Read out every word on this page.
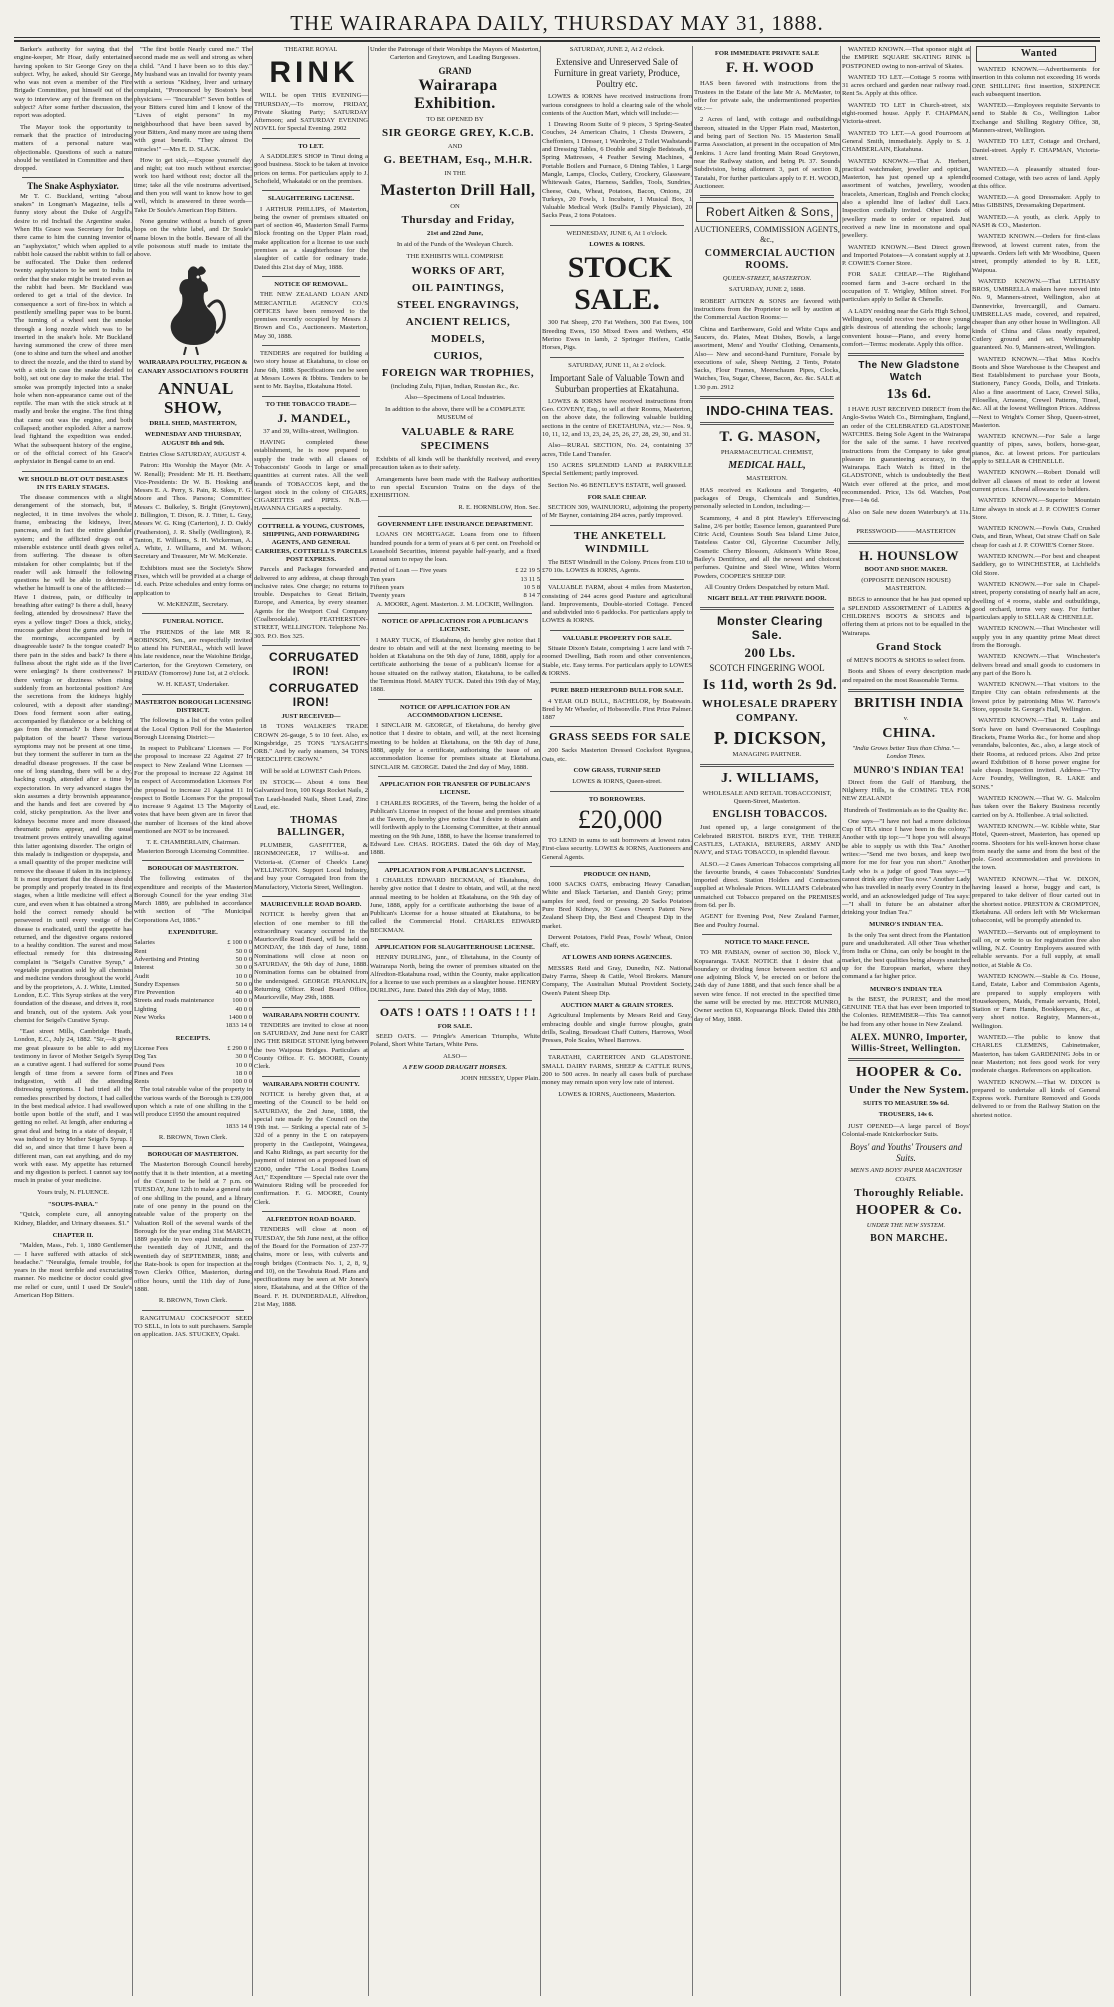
THE WAIRARAPA DAILY, THURSDAY MAY 31, 1888.

Barker's authority for saying that the engine-keeper, Mr Hoar, daily entertained having spoken to Sir George Grey on the subject. Why, he asked, should Sir George, who was not even a member of the Fire Brigade Committee, put himself out of the way to interview any of the firemen on the subject? After some further discussion, the report was adopted.

The Mayor took the opportunity to remark that the practice of introducing matters of a personal nature was objectionable. Questions of such a nature should be ventilated in Committee and then dropped.

The Snake Asphyxiator.

Mr T. C. Buckland, writing "about snakes" in Longman's Magazine, tells a funny story about the Duke of Argyll's desire to rid Inchtail the Argentine snake. When His Grace was Secretary for India, there came to him the cunning inventor of an "asphyxiator," which when applied to a rabbit hole caused the rabbit within to fall or be suffocated. The Duke then ordered twenty asphyxiators to be sent to India in order that the snake might be treated even as the rabbit had been. Mr Buckland was ordered to get a trial of the device. In consequence a sort of fire-box in which a pestilently smelling paper was to be burnt. The turning of a wheel sent the smoke through a long nozzle which was to be inserted in the snake's hole. Mr Buckland having summoned the crew of three men (one to shine and turn the wheel and another to direct the nozzle, and the third to stand by with a stick in case the snake decided to bolt), set out one day to make the trial. The smoke was promptly injected into a snake hole when non-appearance came out of the reptile. The man with the stick struck at it madly and broke the engine. The first thing that came out was the engine, and both collapsed; another exploded. After a narrow lead fightand the expedition was ended. What the subsequent history of the engine, or of the official correct of his Grace's asphyxiator in Bengal came to an end.

WE SHOULD BLOT OUT DISEASES IN ITS EARLY STAGES.

The disease commences with a slight derangement of the stomach, but, if neglected, it in time involves the whole frame, embracing the kidneys, liver, pancreas, and in fact the entire glandular system; and the afflicted drags out a miserable existence until death gives relief from suffering. The disease is often mistaken for other complaints; but if the reader will ask himself the following questions he will be able to determine whether he himself is one of the afflicted:—Have I distress, pain, or difficulty in breathing after eating? Is there a dull, heavy feeling, attended by drowsiness? Have the eyes a yellow tinge? Does a thick, sticky, mucous gather about the gums and teeth in the mornings, accompanied by a disagreeable taste? Is the tongue coated? Is there pain in the sides and back? Is there a fullness about the right side as if the liver were enlarging? Is there costiveness? Is there vertigo or dizziness when rising suddenly from an horizontal position? Are the secretions from the kidneys highly coloured, with a deposit after standing? Does food ferment soon after eating, accompanied by flatulence or a belching of gas from the stomach? Is there frequent palpitation of the heart? These various symptoms may not be present at one time, but they torment the sufferer in turn as the dreadful disease progresses. If the case be one of long standing, there will be a dry, hacking cough, attended after a time by expectoration. In very advanced stages the skin assumes a dirty brownish appearance, and the hands and feet are covered by a cold, sticky perspiration. As the liver and kidneys become more and more diseased, rheumatic pains appear, and the usual treatment proves entirely unavailing against this latter agonising disorder. The origin of this malady is indigestion or dyspepsia, and a small quantity of the proper medicine will remove the disease if taken in its incipiency. It is most important that the disease should be promptly and properly treated in its first stages, when a little medicine will effect a cure, and even when it has obtained a strong hold the correct remedy should be persevered in until every vestige of the disease is eradicated, until the appetite has returned, and the digestive organs restored to a healthy condition. The surest and most effectual remedy for this distressing complaint is "Seigel's Curative Syrup," a vegetable preparation sold by all chemists and medicine vendors throughout the world, and by the proprietors, A. J. White, Limited, London, E.C. This Syrup strikes at the very foundation of the disease, and drives it, root and branch, out of the system. Ask your chemist for Seigel's Curative Syrup.

"East street Mills, Cambridge Heath, London, E.C., July 24, 1882. "Sir,—It gives me great pleasure to be able to add my testimony in favor of Mother Seigel's Syrup as a curative agent. I had suffered for some length of time from a severe form of indigestion, with all the attending distressing symptoms. I had tried all the remedies prescribed by doctors, I had called in the best medical advice. I had swallowed bottle upon bottle of the stuff, and I was getting no relief. At length, after enduring a great deal and being in a state of despair, I was induced to try Mother Seigel's Syrup. I did so, and since that time I have been a different man, can eat anything, and do my work with ease. My appetite has returned and my digestion is perfect. I cannot say too much in praise of your medicine.

Yours truly, N. FLUENCE.

"SOUPS-PARA."

"Quick, complete cure, all annoying Kidney, Bladder, and Urinary diseases. $1."

CHAPTER II.

"Malden, Mass., Feb. 1, 1880 Gentlemen — I have suffered with attacks of sick headache." "Neuralgia, female trouble, for years in the most terrible and excruciating manner. No medicine or doctor could give me relief or cure, until I used Dr Soule's American Hop Bitters.

"The first bottle Nearly cured me." The second made me as well and strong as when a child. "And I have been so to this day." My husband was an invalid for twenty years with a serious "Kidney, liver and urinary complaint, "Pronounced by Boston's best physicians — "Incurable!" Seven bottles of your Bitters cured him and I know of the "Lives of eight persons" In my neighbourhood that have been saved by your Bitters, And many more are using them with great benefit. "They almost Do miracles!" —Mrs E. D. SLACK.

How to get sick,—Expose yourself day and night; eat too much without exercise; work too hard without rest; doctor all the time; take all the vile nostrums advertised, and then you will want to know how to get well, which is answered in three words—Take Dr Soule's American Hop Bitters.

None genuine without a bunch of green hops on the white label, and Dr Soule's name blown in the bottle. Beware of all the vile poisonous stuff made to imitate the above.

WAIRARAPA POULTRY, PIGEON & CANARY ASSOCIATION'S FOURTH

ANNUAL SHOW,

DRILL SHED, MASTERTON,

WEDNESDAY AND THURSDAY, AUGUST 8th and 9th.

Entries Close SATURDAY, AUGUST 4.

Patron: His Worship the Mayor (Mr. A. W. Renall); President: Mr H. H. Beetham; Vice-Presidents: Dr W. B. Hosking and Messrs E. A. Perry, S. Pain, R. Sikes, F. G. Moore and Thos. Parsons; Committee: Messrs C. Bulkeley, S. Bright (Greytown), J. Billington, T. Dixon, R. J. Titter, L. Gray, Messrs W. G. King (Carterton), J. D. Oakly (Featherston), J. R. Shelly (Wellington), R. Tanton, E. Williams, S. H. Wickerman, A. A. White, J. Williams, and M. Wilson; Secretary and Treasurer, Mr W. McKenzie.

Exhibitors must see the Society's Show Fixes, which will be provided at a charge of 1d. each. Prize schedules and entry forms on application to

W. McKENZIE, Secretary.

FUNERAL NOTICE.

The FRIENDS of the late MR R. ROBINSON, Sen., are respectfully invited to attend his FUNERAL, which will leave his late residence, near the Waiohine Bridge, Carterton, for the Greytown Cemetery, on FRIDAY (Tomorrow) June 1st, at 2 o'clock.

W. H. KEAST, Undertaker.

MASTERTON BOROUGH LICENSING DISTRICT.

The following is a list of the votes polled at the Local Option Poll for the Masterton Borough Licensing District:—

In respect to Publicans' Licenses — For the proposal to increase 22 Against 27 In respect to New Zealand Wine Licenses — For the proposal to increase 22 Against 18 In respect of Accommodation Licenses For the proposal to increase 21 Against 11 In respect to Bottle Licenses For the proposal to increase 9 Against 13 The Majority of votes that have been given are in favor that the number of licenses of the kind above mentioned are NOT to be increased.

T. E. CHAMBERLAIN, Chairman. Masterton Borough Licensing Committee.

BOROUGH OF MASTERTON.

The following estimates of the expenditure and receipts of the Masterton Borough Council for the year ending 31st March 1889, are published in accordance with section of "The Municipal Corporations Act, 1886."

EXPENDITURE.

Salaries	£ 100 0 0
Rent	50 0 0
Advertising and Printing	50 0 0
Interest	30 0 0
Audit	10 0 0
Sundry Expenses	50 0 0
Fire Prevention	40 0 0
Streets and roads maintenance	100 0 0
Lighting	40 0 0
New Works	1400 0 0

1833 14 0

RECEIPTS.

License Fees	£ 290 0 0
Dog Tax	30 0 0
Pound Fees	10 0 0
Fines and Fees	18 0 0
Rents	100 0 0

The total rateable value of the property in the various wards of the Borough is £39,000 upon which a rate of one shilling in the £ will produce £1950 the amount required

1833 14 0

R. BROWN, Town Clerk.

BOROUGH OF MASTERTON.

The Masterton Borough Council hereby notify that it is their intention, at a meeting of the Council to be held at 7 p.m. on TUESDAY, June 12th to make a general rate of one shilling in the pound, and a library rate of one penny in the pound on the rateable value of the property on the Valuation Roll of the several wards of the Borough for the year ending 31st MARCH, 1889 payable in two equal instalments on the twentieth day of JUNE, and the twentieth day of SEPTEMBER, 1888; and the Rate-book is open for inspection at the Town Clerk's Office, Masterton, during office hours, until the 11th day of June, 1888.

R. BROWN, Town Clerk.

RANGITUMAU COCKSFOOT SEED TO SELL, in lots to suit purchasers. Sample on application. JAS. STUCKEY, Opaki.

THEATRE ROYAL

RINK

WILL be open THIS EVENING—THURSDAY,—To morrow, FRIDAY, Private Skating Party; SATURDAY Afternoon; and SATURDAY EVENING NOVEL for Special Evening. 2902

TO LET.

A SADDLER'S SHOP in Tinui doing a good business. Stock to be taken at invoice prices on terms. For particulars apply to J. Schofield, Whakataki or on the premises.

SLAUGHTERING LICENSE.

I ARTHUR PHILLIPS, of Masterton, being the owner of premises situated on part of section 46, Masterton Small Farms Block fronting on the Upper Plain road, make application for a license to use such premises as a slaughterhouse for the slaughter of cattle for ordinary trade. Dated this 21st day of May, 1888.

NOTICE OF REMOVAL.

THE NEW ZEALAND LOAN AND MERCANTILE AGENCY CO.'S OFFICES have been removed to the premises recently occupied by Messrs J. Brown and Co., Auctioneers. Masterton, May 30, 1888.

TENDERS are required for building a two story house at Ekatahuna, to close on June 6th, 1888. Specifications can be seen at Messrs Lowes & Ibbins. Tenders to be sent to Mr. Bayliss, Ekatahuna Hotel.

TO THE TOBACCO TRADE—

J. MANDEL,

37 and 39, Willis-street, Wellington.

HAVING completed these establishment, he is now prepared to supply the trade with all classes of Tobacconists' Goods in large or small quantities at current rates. All the well brands of TOBACCOS kept, and the largest stock in the colony of CIGARS, CIGARETTES and PIPES. N.B.—HAVANNA CIGARS a specialty.

COTTRELL & YOUNG, CUSTOMS, SHIPPING, AND FORWARDING AGENTS, AND GENERAL CARRIERS, COTTRELL'S PARCELS POST EXPRESS.

Parcels and Packages forwarded and delivered to any address, at cheap through inclusive rates. One charge; no returns to trouble. Despatches to Great Britain, Europe, and America, by every steamer. Agents for the Westport Coal Company (Coalbrookdale). FEATHERSTON-STREET, WELLINGTON. Telephone No. 303. P.O. Box 325.

CORRUGATED IRON!

CORRUGATED IRON!

JUST RECEIVED—

18 TONS WALKER'S TRADE CROWN 26-gauge, 5 to 10 feet. Also, ex Kingsbridge, 25 TONS "LYSAGHT'S ORB." And by early steamers, 34 TONS "REDCLIFFE CROWN."

Will be sold at LOWEST Cash Prices.

IN STOCK— About 4 tons Best Galvanized Iron, 100 Kegs Rocket Nails, 2 Ton Lead-headed Nails, Sheet Lead, Zinc Lead, etc.

THOMAS BALLINGER,

PLUMBER, GASFITTER, & IRONMONGER, 17 Willis-st. and Victoria-st. (Corner of Cheek's Lane) WELLINGTON. Support Local Industry, and buy your Corrugated Iron from the Manufactory, Victoria Street, Wellington.

MAURICEVILLE ROAD BOARD.

NOTICE is hereby given that an election of one member to fill the extraordinary vacancy occurred in the Mauriceville Road Board, will be held on MONDAY, the 18th day of June, 1888. Nominations will close at noon on SATURDAY, the 9th day of June, 1888. Nomination forms can be obtained from the undersigned. GEORGE FRANKLIN, Returning Officer. Road Board Office, Mauriceville, May 29th, 1888.

WAIRARAPA NORTH COUNTY.

TENDERS are invited to close at noon on SATURDAY, 2nd June next for CART ING THE BRIDGE STONE lying between the two Waipoua Bridges. Particulars at County Office. F. G. MOORE, County Clerk.

WAIRARAPA NORTH COUNTY.

NOTICE is hereby given that, at a meeting of the Council to be held on SATURDAY, the 2nd June, 1888, the special rate made by the Council on the 19th inst. — Striking a special rate of 3-32d of a penny in the £ on ratepayers property in the Castlepoint, Waingawa, and Kahu Ridings, as part security for the payment of interest on a proposed loan of £2000, under "The Local Bodies Loans Act," Expenditure — Special rate over the Wainuioru Riding will be proceeded for confirmation. F. G. MOORE, County Clerk.

ALFREDTON ROAD BOARD.

TENDERS will close at noon of TUESDAY, the 5th June next, at the office of the Board for the Formation of 237-77 chains, more or less, with culverts and rough bridges (Contracts No. 1, 2, 8, 9, and 10), on the Tawahuta Road. Plans and specifications may be seen at Mr Jones's store, Ekatahuna, and at the Office of the Board. F. H. DUNDERDALE, Alfredton, 21st May, 1888.

Under the Patronage of their Worships the Mayors of Masterton, Carterton and Greytown, and Leading Burgesses.

GRAND

Wairarapa Exhibition.

TO BE OPENED BY

SIR GEORGE GREY, K.C.B.

AND

G. BEETHAM, Esq., M.H.R.

IN THE

Masterton Drill Hall,

ON

Thursday and Friday,

21st and 22nd June,

In aid of the Funds of the Wesleyan Church.

THE EXHIBITS WILL COMPRISE

WORKS OF ART,

OIL PAINTINGS,

STEEL ENGRAVINGS,

ANCIENT RELICS,

MODELS,

CURIOS,

FOREIGN WAR TROPHIES,

(including Zulu, Fijian, Indian, Russian &c., &c.

Also—Specimens of Local Industries.

In addition to the above, there will be a COMPLETE MUSEUM of

VALUABLE & RARE SPECIMENS

Exhibits of all kinds will be thankfully received, and every precaution taken as to their safety.

Arrangements have been made with the Railway authorities to run special Excursion Trains on the days of the EXHIBITION.

R. E. HORNBLOW, Hon. Sec.

GOVERNMENT LIFE INSURANCE DEPARTMENT.

LOANS ON MORTGAGE. Loans from one to fifteen hundred pounds for a term of years at 6 per cent. on Freehold or Leasehold Securities, interest payable half-yearly, and a fixed annual sum to repay the loan.

Period of Loan — Five years	£ 22 19 5
Ten years	13 11 5
Fifteen years	10 5 8
Twenty years	8 14 7

A. MOORE, Agent. Masterton. J. M. LOCKIE, Wellington.

NOTICE OF APPLICATION FOR A PUBLICAN'S LICENSE.

I MARY TUCK, of Ekatahuna, do hereby give notice that I desire to obtain and will at the next licensing meeting to be holden at Ekatahuna on the 9th day of June, 1888, apply for a certificate authorising the issue of a publican's license for a house situated on the railway station, Ekatahuna, to be called the Terminus Hotel. MARY TUCK. Dated this 19th day of May, 1888.

NOTICE OF APPLICATION FOR AN ACCOMMODATION LICENSE.

I SINCLAIR M. GEORGE, of Eketahuna, do hereby give notice that I desire to obtain, and will, at the next licensing meeting to be holden at Eketahuna, on the 9th day of June, 1888, apply for a certificate, authorising the issue of an accommodation license for premises situate at Eketahuna. SINCLAIR M. GEORGE. Dated the 2nd day of May, 1888.

APPLICATION FOR TRANSFER OF PUBLICAN'S LICENSE.

I CHARLES ROGERS, of the Tavern, being the holder of a Publican's License in respect of the house and premises situate at the Tavern, do hereby give notice that I desire to obtain and will forthwith apply to the Licensing Committee, at their annual meeting on the 9th June, 1888, to have the license transferred to Edward Lee. CHAS. ROGERS. Dated the 6th day of May, 1888.

APPLICATION FOR A PUBLICAN'S LICENSE.

I CHARLES EDWARD BECKMAN, of Ekatahuna, do hereby give notice that I desire to obtain, and will, at the next annual meeting to be holden at Ekatahuna, on the 9th day of June, 1888, apply for a certificate authorising the issue of a Publican's License for a house situated at Ekatahuna, to be called the Commercial Hotel. CHARLES EDWARD BECKMAN.

APPLICATION FOR SLAUGHTERHOUSE LICENSE.

HENRY DURLING, junr., of Elietahuna, in the County of Wairarapa North, being the owner of premises situated on the Alfredton-Ekatahuna road, within the County, make application for a license to use such premises as a slaughter house. HENRY DURLING, Junr. Dated this 29th day of May, 1888.

OATS ! OATS ! ! OATS ! ! !

FOR SALE.

SEED OATS. — Pringle's American Triumphs, White Poland, Short White Tartars, White Pens.

ALSO—

A FEW GOOD DRAUGHT HORSES.

JOHN HESSEY, Upper Plain.

SATURDAY, JUNE 2, At 2 o'clock.

Extensive and Unreserved Sale of Furniture in great variety, Produce, Poultry etc.

LOWES & IORNS have received instructions from various consignees to hold a clearing sale of the whole contents of the Auction Mart, which will include:—

1 Drawing Room Suite of 9 pieces, 3 Spring-Seated Couches, 24 American Chairs, 1 Chests Drawers, 2 Cheffoniers, 1 Dresser, 1 Wardrobe, 2 Toilet Washstands and Dressing Tables, 6 Double and Single Bedsteads, 6 Spring Mattresses, 4 Feather Sewing Machines, 4 Portable Boilers and Furnace, 6 Dining Tables, 1 Large Mangle, Lamps, Clocks, Cutlery, Crockery, Glassware, Whitewash Gates, Harness, Saddles, Tools, Sundries, Cheese, Oats, Wheat, Potatoes, Bacon, Onions, 20 Turkeys, 20 Fowls, 1 Incubator, 1 Musical Box, 1 Valuable Medical Work (Bull's Family Physician), 20 Sacks Peas, 2 tons Potatoes.

WEDNESDAY, JUNE 6, At 1 o'clock.

LOWES & IORNS.

STOCK SALE.

300 Fat Sheep, 270 Fat Wethers, 300 Fat Ewes, 100 Breeding Ewes, 150 Mixed Ewes and Wethers, 450 Merino Ewes in lamb, 2 Springer Heifers, Cattle, Horses, Pigs.

SATURDAY, JUNE 11, At 2 o'clock.

Important Sale of Valuable Town and Suburban properties at Ekatahuna.

LOWES & IORNS have received instructions from Geo. COVENY, Esq., to sell at their Rooms, Masterton, on the above date, the following valuable building sections in the centre of EKETAHUNA, viz.:— Nos. 9, 10, 11, 12, and 13, 23, 24, 25, 26, 27, 28, 29, 30, and 31.

Also—RURAL SECTION, No. 24, containing 37 acres, Title Land Transfer.

150 ACRES SPLENDID LAND at PARKVILLE Special Settlement; partly improved.

Section No. 46 BENTLEY'S ESTATE, well grassed.

FOR SALE CHEAP.

SECTION 309, WAINUIORU, adjoining the property of Mr Bayner, containing 284 acres, partly improved.

THE ANKETELL WINDMILL

The BEST Windmill in the Colony. Prices from £10 to £70 10s. LOWES & IORNS, Agents.

VALUABLE FARM, about 4 miles from Masterton, consisting of 244 acres good Pasture and agricultural land. Improvements, Double-storied Cottage. Fenced and subdivided into 6 paddocks. For particulars apply to LOWES & IORNS.

VALUABLE PROPERTY FOR SALE.

Situate Dixon's Estate, comprising 1 acre land with 7-roomed Dwelling, Bath room and other conveniences, Stable, etc. Easy terms. For particulars apply to LOWES & IORNS.

PURE BRED HEREFORD BULL FOR SALE.

4 YEAR OLD BULL, BACHELOR, by Boatswain. Bred by Mr Wheeler, of Hobsonville. First Prize Palmer. 1887

GRASS SEEDS FOR SALE

200 Sacks Masterton Dressed Cocksfoot Ryegrass, Oats, etc.

COW GRASS, TURNIP SEED

LOWES & IORNS, Queen-street.

TO BORROWERS.

£20,000

TO LEND in sums to suit borrowers at lowest rates. First-class security. LOWES & IORNS, Auctioneers and General Agents.

PRODUCE ON HAND,

1000 SACKS OATS, embracing Heavy Canadian, White and Black Tartarian, and Danish Grey; prime samples for seed, feed or pressing. 20 Sacks Potatoes Pure Bred Kidneys, 30 Cases Owen's Patent New Zealand Sheep Dip, the Best and Cheapest Dip in the market.

Derwent Potatoes, Field Peas, Fowls' Wheat, Onion Chaff, etc.

AT LOWES AND IORNS AGENCIES.

MESSRS Reid and Gray, Dunedin, NZ. National Dairy Farms, Sheep & Cattle, Wool Brokers. Manure Company, The Australian Mutual Provident Society, Owen's Patent Sheep Dip.

AUCTION MART & GRAIN STORES.

Agricultural Implements by Messrs Reid and Gray, embracing double and single furrow ploughs, grain drills, Scaling, Broadcast Chaff Cutters, Harrows, Wool Presses, Pole Scales, Wheel Barrows.

TARATAHI, CARTERTON AND GLADSTONE. SMALL DAIRY FARMS, SHEEP & CATTLE RUNS, 200 to 500 acres. In nearly all cases bulk of purchase money may remain upon very low rate of interest.

LOWES & IORNS, Auctioneers, Masterton.

FOR IMMEDIATE PRIVATE SALE

F. H. WOOD

HAS been favored with instructions from the Trustees in the Estate of the late Mr A. McMaster, to offer for private sale, the undermentioned properties viz.:—

2 Acres of land, with cottage and outbuildings thereon, situated in the Upper Plain road, Masterton, and being part of Section No. 15 Masterton Small Farms Association, at present in the occupation of Mrs Jenkins. 1 Acre land fronting Main Road Greytown, near the Railway station, and being Pt. 37. Sounds Subdivision, being allotment 3, part of section 8, Taratahi, For further particulars apply to F. H. WOOD, Auctioneer.

Robert Aitken & Sons,

AUCTIONEERS, COMMISSION AGENTS, &c.,

COMMERCIAL AUCTION ROOMS.

QUEEN-STREET, MASTERTON.

SATURDAY, JUNE 2, 1888.

ROBERT AITKEN & SONS are favored with instructions from the Proprietor to sell by auction at the Commercial Auction Rooms:—

China and Earthenware, Gold and White Cups and Saucers, do. Plates, Meat Dishes, Bowls, a large assortment, Mens' and Youths' Clothing, Ornaments, Also— New and second-hand Furniture, Forsale by executions of sale, Sheep Netting, 2 Tents, Potato Sacks, Flour Frames, Meerschaum Pipes, Clocks, Watches, Tea, Sugar, Cheese, Bacon, &c. &c. SALE at 1.30 p.m. 2912

INDO-CHINA TEAS.

T. G. MASON,

PHARMACEUTICAL CHEMIST,

MEDICAL HALL,

MASTERTON.

HAS received ex Kaikoura and Tongariro, 40 packages of Drugs, Chemicals and Sundries, personally selected in London, including:—

Scammony, 4 and 8 pint Hawley's Effervescing Saline, 2/6 per bottle; Essence lemon, guaranteed Pure Citric Acid, Countess South Sea Island Lime Juice, Tasteless Castor Oil, Glycerine Cucumber Jelly, Cosmetic Cherry Blossom, Atkinson's White Rose, Bailey's Dentifrice, and all the newest and choicest perfumes. Quinine and Steel Wine, Whites Worm Powders, COOPER'S SHEEP DIP.

All Country Orders Despatched by return Mail.

NIGHT BELL AT THE PRIVATE DOOR.

Monster Clearing Sale.

200 Lbs.

SCOTCH FINGERING WOOL

Is 11d, worth 2s 9d.

WHOLESALE DRAPERY COMPANY.

P. DICKSON,

MANAGING PARTNER.

J. WILLIAMS,

WHOLESALE AND RETAIL TOBACCONIST, Queen-Street, Masterton.

ENGLISH TOBACCOS.

Just opened up, a large consignment of the Celebrated BRISTOL BIRD'S EYE, THE THREE CASTLES, LATAKIA, BEURERS, ARMY AND NAVY, and STAG TOBACCO, in splendid flavour.

ALSO.—2 Cases American Tobaccos comprising all the favourite brands, 4 cases Tobacconists' Sundries imported direct. Station Holders and Contractors supplied at Wholesale Prices. WILLIAM'S Celebrated unmatched cut Tobacco prepared on the PREMISES from 6d. per lb.

AGENT for Evening Post, New Zealand Farmer, Bee and Poultry Journal.

NOTICE TO MAKE FENCE.

TO MR FABIAN, owner of section 30, Block V., Kopuaranga. TAKE NOTICE that I desire that a boundary or dividing fence between section 63 and one adjoining Block V, be erected on or before the 24th day of June 1888, and that such fence shall be a seven wire fence. If not erected in the specified time the same will be erected by me. HECTOR MUNRO, Owner section 63, Kopuaranga Block. Dated this 28th day of May, 1888.

WANTED KNOWN.—That sponsor night at the EMPIRE SQUARE SKATING RINK is POSTPONED owing to non-arrival of Skates.

WANTED TO LET.—Cottage 5 rooms with 31 acres orchard and garden near railway road. Rent 5s. Apply at this office.

WANTED TO LET in Church-street, six eight-roomed house. Apply F. CHAPMAN, Victoria-street.

WANTED TO LET.—A good Fourroom at General Smith, immediately. Apply to S. J. CHAMBERLAIN, Ekatahuna.

WANTED KNOWN.—That A. Herbert, practical watchmaker, jeweller and optician, Masterton, has just opened up a splendid assortment of watches, jewellery, wooden bracelets, American, English and French clocks; also a splendid line of ladies' dull Lacs. Inspection cordially invited. Other kinds of jewellery made to order or repaired. Just received a new line in moonstone and opal jewellery.

WANTED KNOWN.—Best Direct grown and Imported Potatoes—A constant supply at J. P. COWIE'S Corner Store.

FOR SALE CHEAP.—The Righthand roomed farm and 3-acre orchard in the occupation of T. Wrigley, Milton street. For particulars apply to Sellar & Chenelle.

A LADY residing near the Girls High School, Wellington, would receive two or three young girls desirous of attending the schools; large convenient house—Piano, and every home comfort—Terms: moderate. Apply this office.

The New Gladstone Watch

13s 6d.

I HAVE JUST RECEIVED DIRECT from the Anglo-Swiss Watch Co., Birmingham, England, an order of the CELEBRATED GLADSTONE WATCHES. Being Sole Agent in the Wairarapa for the sale of the same. I have received instructions from the Company to take great pleasure in guaranteeing accuracy, in the Wairarapa. Each Watch is fitted in the GLADSTONE, which is undoubtedly the Best Watch ever offered at the price, and most recommended. Price, 13s 6d. Watches, Post Free—14s 6d.

Also on Sale new dozen Waterbury's at 11s. 6d.

PRESSWOOD———MASTERTON

H. HOUNSLOW

BOOT AND SHOE MAKER.

(OPPOSITE DENISON HOUSE) MASTERTON.

BEGS to announce that he has just opened up a SPLENDID ASSORTMENT of LADIES & CHILDREN'S BOOTS & SHOES and is offering them at prices not to be equalled in the Wairarapa.

Grand Stock

of MEN'S BOOTS & SHOES to select from.

Boots and Shoes of every description made and repaired on the most Reasonable Terms.

BRITISH INDIA

v.

CHINA.

"India Grows better Teas than China."— London Times.

MUNRO'S INDIAN TEA!

Direct from the Gulf of Hamburg, the Nilgherry Hills, is the COMING TEA FOR NEW ZEALAND!

Hundreds of Testimonials as to the Quality &c.

One says—"I have not had a more delicious Cup of TEA since I have been in the colony." Another with tip top:—"I hope you will always be able to supply us with this Tea." Another writes:—"Send me two boxes, and keep two more for me for fear you run short." Another Lady who is a judge of good Teas says:—"I cannot drink any other Tea now." Another Lady who has travelled in nearly every Country in the world, and an acknowledged judge of Tea says:—"I shall in future be an abstainer after drinking your Indian Tea."

MUNRO'S INDIAN TEA.

Is the only Tea sent direct from the Plantation pure and unadulterated. All other Teas whether from India or China, can only be bought in the market, the best qualities being always snatched up for the European market, where they command a far higher price.

MUNRO'S INDIAN TEA

Is the BEST, the PUREST, and the most GENUINE TEA that has ever been imported to the Colonies. REMEMBER—This Tea cannot be had from any other house in New Zealand.

ALEX. MUNRO, Importer, Willis-Street, Wellington.

HOOPER & Co.

Under the New System.

SUITS TO MEASURE 59s 6d.

TROUSERS, 14s 6.

JUST OPENED—A large parcel of Boys' Colonial-made Knickerbocker Suits.

Boys' and Youths' Trousers and Suits.

MEN'S AND BOYS' PAPER MACINTOSH COATS.

Thoroughly Reliable.

HOOPER & Co.

UNDER THE NEW SYSTEM.

BON MARCHE.

Wanted

WANTED KNOWN.—Advertisements for insertion in this column not exceeding 16 words ONE SHILLING first insertion, SIXPENCE each subsequent insertion.

WANTED.—Employees requisite Servants to send to Stable & Co., Wellington Labor Exchange and Shilling Registry Office, 38, Manners-street, Wellington.

WANTED TO LET, Cottage and Orchard, Daniel-street. Apply F. CHAPMAN, Victoria-street.

WANTED.—A pleasantly situated four-roomed Cottage, with two acres of land. Apply at this office.

WANTED.—A good Dressmaker. Apply to Miss GIBBINS, Dressmaking Department.

WANTED.—A youth, as clerk. Apply to NASH & CO., Masterton.

WANTED KNOWN.—Orders for first-class firewood, at lowest current rates, from the upwards. Orders left with Mr Woodbine, Queen street, promptly attended to by R. LEE, Waipoua.

WANTED KNOWN.—That LETHABY BROS, UMBRELLA makers have moved into No. 9, Manners-street, Wellington, also at Dannevirke, Invercargill, and Oamaru. UMBRELLAS made, covered, and repaired, cheaper than any other house in Wellington. All kinds of China and Glass neatly repaired, Cutlery ground and set. Workmanship guaranteed. No. 9, Manners-street, Wellington.

WANTED KNOWN.—That Miss Koch's Boots and Shoe Warehouse is the Cheapest and Best Establishment to purchase your Boots, Stationery, Fancy Goods, Dolls, and Trinkets. Also a fine assortment of Lace, Crewel Silks, Filoselles, Arrasene, Crewel Patterns, Tinsel, &c. All at the lowest Wellington Prices. Address—Next to Wright's Corner Shop, Queen-street, Masterton.

WANTED KNOWN.—For Sale a large quantity of pipes, saws, boilers, horse-gear, pianos, &c. at lowest prices. For particulars apply to SELLAR & CHENELLE.

WANTED KNOWN.—Robert Donald will deliver all classes of meat to order at lowest current prices. Liberal allowance to builders.

WANTED KNOWN.—Superior Mountain Lime always in stock at J. P. COWIE'S Corner Store.

WANTED KNOWN.—Fowls Oats, Crushed Oats, and Bran, Wheat, Oat straw Chaff on Sale cheap for cash at J. P. COWIE'S Corner Store.

WANTED KNOWN.—For best and cheapest Saddlery, go to WINCHESTER, at Lichfield's Old Store.

WANTED KNOWN.—For sale in Chapel-street, property consisting of nearly half an acre, dwelling of 4 rooms, stable and outbuildings, good orchard, terms very easy. For further particulars apply to SELLAR & CHENELLE.

WANTED KNOWN.—That Winchester will supply you in any quantity prime Meat direct from the Borough.

WANTED KNOWN.—That Winchester's delivers bread and small goods to customers in any part of the Boro h.

WANTED KNOWN.—That visitors to the Empire City can obtain refreshments at the lowest price by patronising Miss W. Farrow's Store, opposite St. George's Hall, Wellington.

WANTED KNOWN.—That R. Lake and Son's have on hand Overseasoned Couplings Brackets, Frame Works &c., for home and shop verandahs, balconies, &c., also, a large stock of their Rooms, at reduced prices. Also 2nd prize award Exhibition of 8 horse power engine for sale cheap. Inspection invited. Address—"Try Acre Foundry, Wellington, R. LAKE and SONS."

WANTED KNOWN.—That W. G. Malcolm has taken over the Bakery Business recently carried on by A. Hollenbee. A trial solicited.

WANTED KNOWN.—W. Kibble white, Star Hotel, Queen-street, Masterton, has opened up rooms. Shooters for his well-known horse chase from nearly the same and from the best of the pole. Good accommodation and provisions in the town.

WANTED KNOWN.—That W. DIXON, having leased a horse, buggy and cart, is prepared to take deliver of flour carted out in the shortest notice. PRESTON & CROMPTON, Eketahuna. All orders left with Mr Wickerman tobacconist, will be promptly attended to.

WANTED.—Servants out of employment to call on, or write to us for registration free also willing, N.Z. Country Employers assured with reliable servants. For a full supply, at small notice, at Stable & Co.

WANTED KNOWN.—Stable & Co. House, Land, Estate, Labor and Commission Agents, are prepared to supply employers with Housekeepers, Maids, Female servants, Hotel, Station or Farm Hands, Bookkeepers, &c., at very short notice. Registry, Manners-st., Wellington.

WANTED.—The public to know that CHARLES CLEMENS, Cabinetmaker, Masterton, has taken GARDENING Jobs in or near Masterton; not fees good work for very moderate charges. References on application.

WANTED KNOWN.—That W. DIXON is prepared to undertake all kinds of General Express work. Furniture Removed and Goods delivered to or from the Railway Station on the shortest notice.
